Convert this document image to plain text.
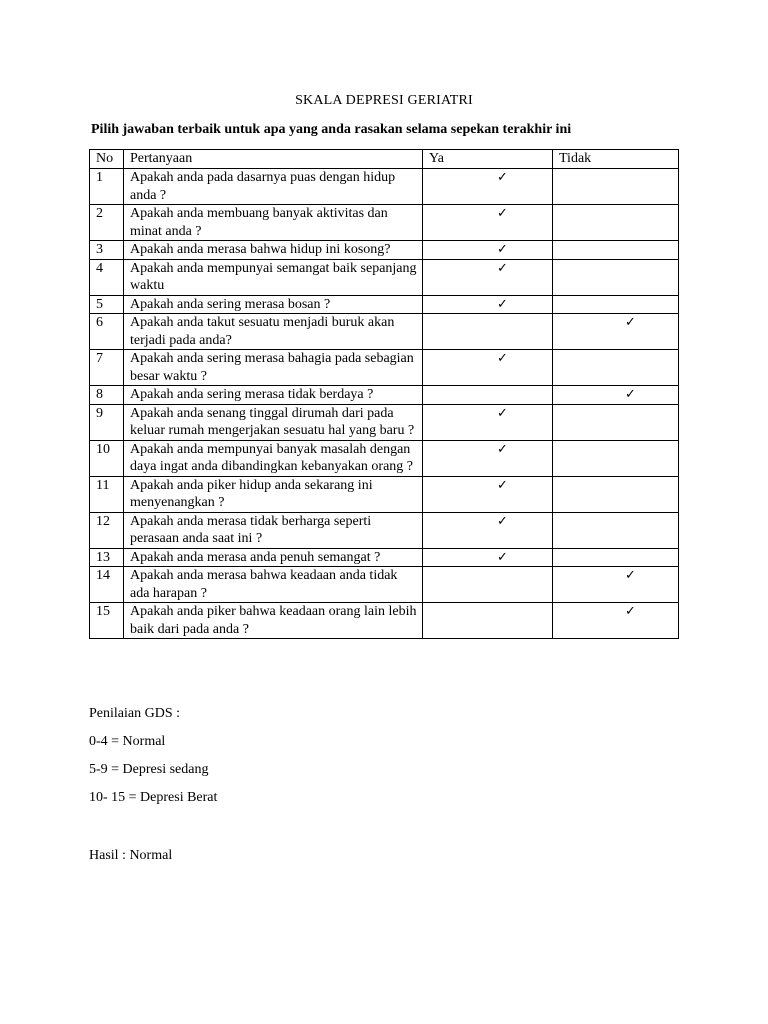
SKALA DEPRESI GERIATRI
Pilih jawaban terbaik untuk apa yang anda rasakan selama sepekan terakhir ini
No	Pertanyaan	Ya	Tidak
1	Apakah anda pada dasarnya puas dengan hidup anda ?	✓	
2	Apakah anda membuang banyak aktivitas dan minat anda ?	✓	
3	Apakah anda merasa bahwa hidup ini kosong?	✓	
4	Apakah anda mempunyai semangat baik sepanjang waktu	✓	
5	Apakah anda sering merasa bosan ?	✓	
6	Apakah anda takut sesuatu menjadi buruk akan terjadi pada anda?		✓
7	Apakah anda sering merasa bahagia pada sebagian besar waktu ?	✓	
8	Apakah anda sering merasa tidak berdaya ?		✓
9	Apakah anda senang tinggal dirumah dari pada keluar rumah mengerjakan sesuatu hal yang baru ?	✓	
10	Apakah anda mempunyai banyak masalah dengan daya ingat anda dibandingkan kebanyakan orang ?	✓	
11	Apakah anda piker hidup anda sekarang ini menyenangkan ?	✓	
12	Apakah anda merasa tidak berharga seperti perasaan anda saat ini ?	✓	
13	Apakah anda merasa anda penuh semangat ?	✓	
14	Apakah anda merasa bahwa keadaan anda tidak ada harapan ?		✓
15	Apakah anda piker bahwa keadaan orang lain lebih baik dari pada anda ?		✓
Penilaian GDS :
0-4 = Normal
5-9 = Depresi sedang
10- 15 = Depresi Berat
Hasil : Normal
